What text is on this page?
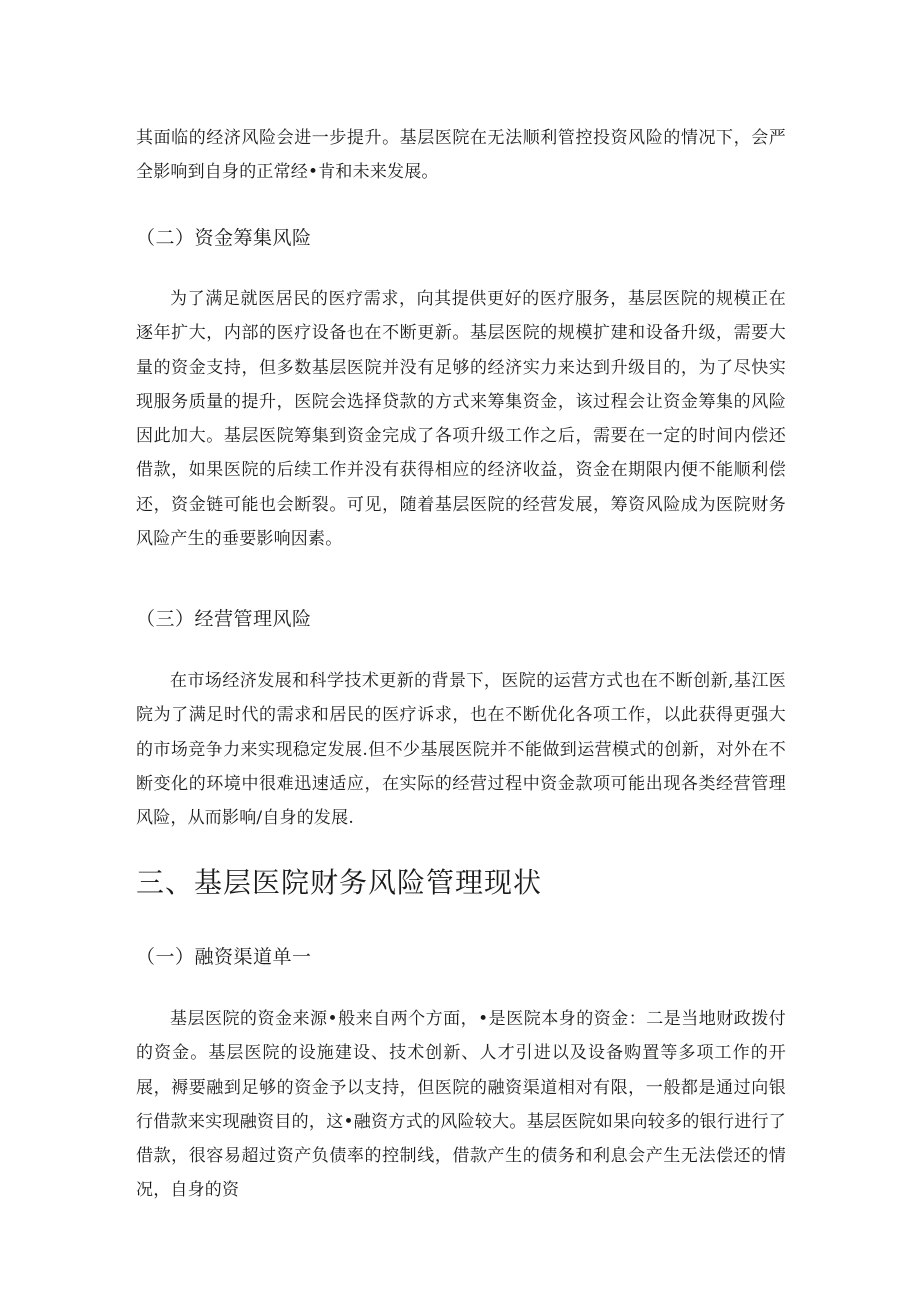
其面临的经济风险会进一步提升。基层医院在无法顺利管控投资风险的情况下，会严全影响到自身的正常经•肯和未来发展。

（二）资金筹集风险

为了满足就医居民的医疗需求，向其提供更好的医疗服务，基层医院的规模正在逐年扩大，内部的医疗设备也在不断更新。基层医院的规模扩建和设备升级，需要大量的资金支持，但多数基层医院并没有足够的经济实力来达到升级目的，为了尽快实现服务质量的提升，医院会选择贷款的方式来筹集资金，该过程会让资金筹集的风险因此加大。基层医院筹集到资金完成了各项升级工作之后，需要在一定的时间内偿还借款，如果医院的后续工作并没有获得相应的经济收益，资金在期限内便不能顺利偿还，资金链可能也会断裂。可见，随着基层医院的经营发展，筹资风险成为医院财务风险产生的垂要影响因素。

（三）经营管理风险

在市场经济发展和科学技术更新的背景下，医院的运营方式也在不断创新,基江医院为了满足时代的需求和居民的医疗诉求，也在不断优化各项工作，以此获得更强大的市场竞争力来实现稳定发展.但不少基展医院并不能做到运营模式的创新，对外在不断变化的环境中很难迅速适应，在实际的经营过程中资金款项可能出现各类经营管理风险，从而影响/自身的发展.

三、基层医院财务风险管理现状
（一）融资渠道单一

基层医院的资金来源•般来自两个方面，•是医院本身的资金：二是当地财政拨付的资金。基层医院的设施建设、技术创新、人才引进以及设备购置等多项工作的开展，褥要融到足够的资金予以支持，但医院的融资渠道相对有限，一般都是通过向银行借款来实现融资目的，这•融资方式的风险较大。基层医院如果向较多的银行进行了借款，很容易超过资产负债率的控制线，借款产生的债务和利息会产生无法偿还的情况，自身的资
